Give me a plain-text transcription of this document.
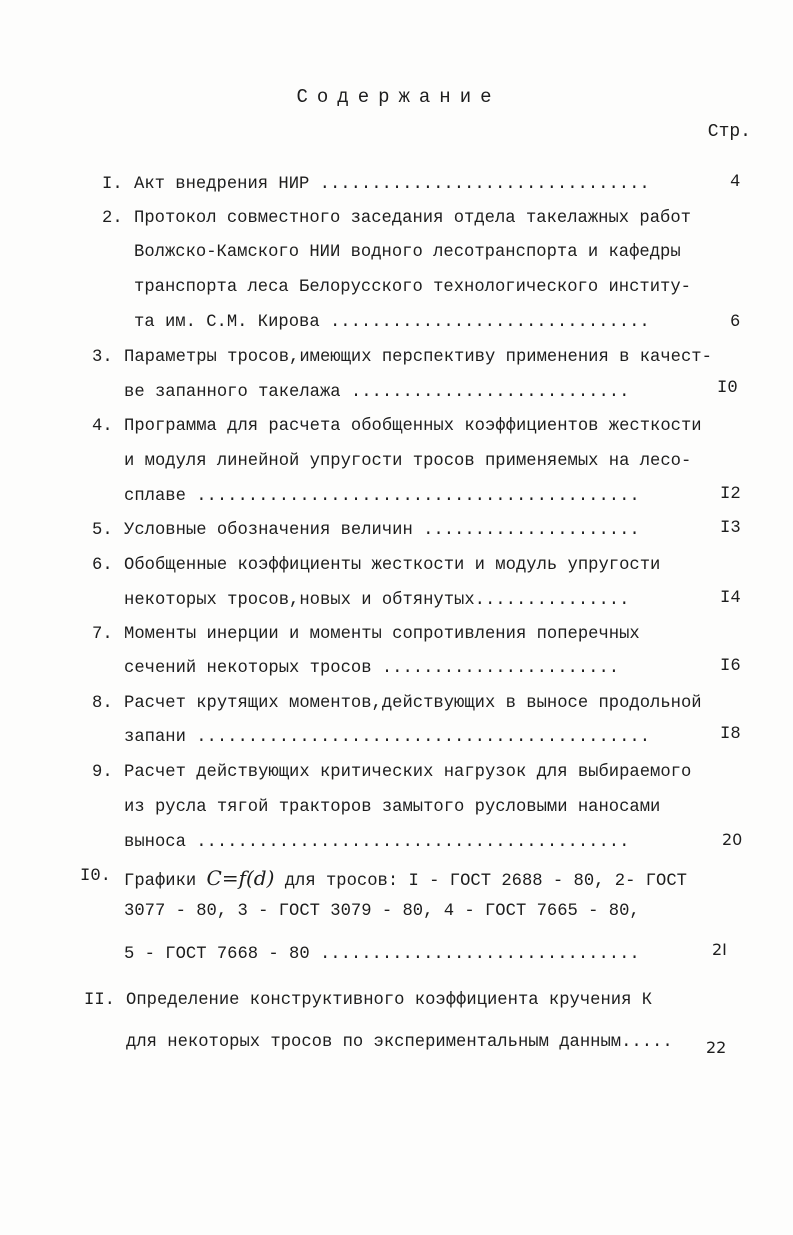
Содержание
Стр.
I. Акт внедрения НИР ................................	4
2. Протокол совместного заседания отдела такелажных работ
Волжско-Камского НИИ водного лесотранспорта и кафедры
транспорта леса Белорусского технологического институ-
та им. С.М. Кирова ...............................	6
3. Параметры тросов,имеющих перспективу применения в качест-
ве запанного такелажа ...........................	I0
4. Программа для расчета обобщенных коэффициентов жесткости
и модуля линейной упругости тросов применяемых на лесо-
сплаве ...........................................	I2
5. Условные обозначения величин .....................	I3
6. Обобщенные коэффициенты жесткости и модуль упругости
некоторых тросов,новых и обтянутых...............	I4
7. Моменты инерции и моменты сопротивления поперечных
сечений некоторых тросов .......................	I6
8. Расчет крутящих моментов,действующих в выносе продольной
запани ............................................	I8
9. Расчет действующих критических нагрузок для выбираемого
из русла тягой тракторов замытого русловыми наносами
выноса ..........................................	20
I0. Графики C=f(d) для тросов: I - ГОСТ 2688 - 80, 2- ГОСТ
3077 - 80, 3 - ГОСТ 3079 - 80, 4 - ГОСТ 7665 - 80,
5 - ГОСТ 7668 - 80 ...............................	2I
II. Определение конструктивного коэффициента кручения К
для некоторых тросов по экспериментальным данным..... 22
